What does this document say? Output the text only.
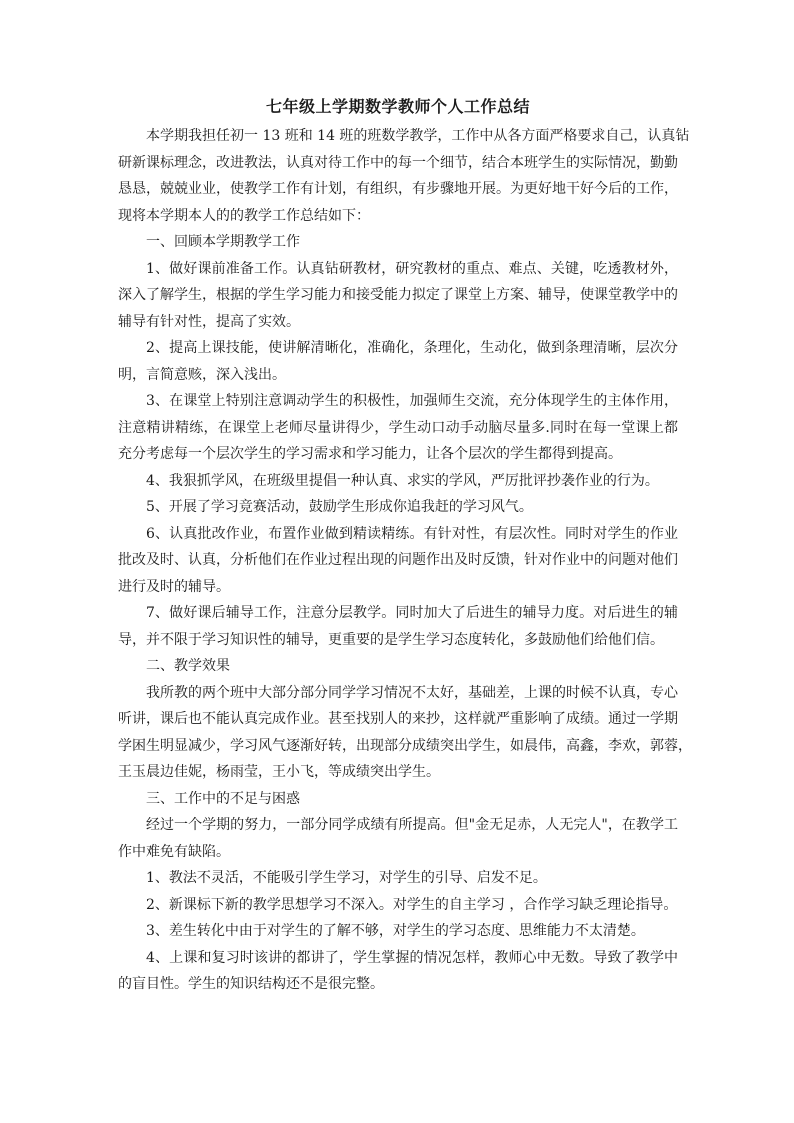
七年级上学期数学教师个人工作总结

本学期我担任初一 13 班和 14 班的班数学教学，工作中从各方面严格要求自己，认真钻
研新课标理念，改进教法，认真对待工作中的每一个细节，结合本班学生的实际情况，勤勤
恳恳，兢兢业业，使教学工作有计划，有组织，有步骤地开展。为更好地干好今后的工作，
现将本学期本人的的教学工作总结如下：

一、回顾本学期教学工作

1、做好课前准备工作。认真钻研教材，研究教材的重点、难点、关键，吃透教材外，
深入了解学生，根据的学生学习能力和接受能力拟定了课堂上方案、辅导，使课堂教学中的
辅导有针对性，提高了实效。

2、提高上课技能，使讲解清晰化，准确化，条理化，生动化，做到条理清晰，层次分
明，言简意赅，深入浅出。

3、在课堂上特别注意调动学生的积极性，加强师生交流，充分体现学生的主体作用，
注意精讲精练，在课堂上老师尽量讲得少，学生动口动手动脑尽量多.同时在每一堂课上都
充分考虑每一个层次学生的学习需求和学习能力，让各个层次的学生都得到提高。

4、我狠抓学风，在班级里提倡一种认真、求实的学风，严厉批评抄袭作业的行为。

5、开展了学习竞赛活动，鼓励学生形成你追我赶的学习风气。

6、认真批改作业，布置作业做到精读精练。有针对性，有层次性。同时对学生的作业
批改及时、认真，分析他们在作业过程出现的问题作出及时反馈，针对作业中的问题对他们
进行及时的辅导。

7、做好课后辅导工作，注意分层教学。同时加大了后进生的辅导力度。对后进生的辅
导，并不限于学习知识性的辅导，更重要的是学生学习态度转化，多鼓励他们给他们信。

二、教学效果

我所教的两个班中大部分部分同学学习情况不太好，基础差，上课的时候不认真，专心
听讲，课后也不能认真完成作业。甚至找别人的来抄，这样就严重影响了成绩。通过一学期
学困生明显减少，学习风气逐渐好转，出现部分成绩突出学生，如晨伟，高鑫，李欢，郭蓉，
王玉晨边佳妮，杨雨莹，王小飞，等成绩突出学生。

三、工作中的不足与困惑

经过一个学期的努力，一部分同学成绩有所提高。但"金无足赤，人无完人"，在教学工
作中难免有缺陷。

1、教法不灵活，不能吸引学生学习，对学生的引导、启发不足。

2、新课标下新的教学思想学习不深入。对学生的自主学习 ，合作学习缺乏理论指导。

3、差生转化中由于对学生的了解不够，对学生的学习态度、思维能力不太清楚。

4、上课和复习时该讲的都讲了，学生掌握的情况怎样，教师心中无数。导致了教学中
的盲目性。学生的知识结构还不是很完整。
